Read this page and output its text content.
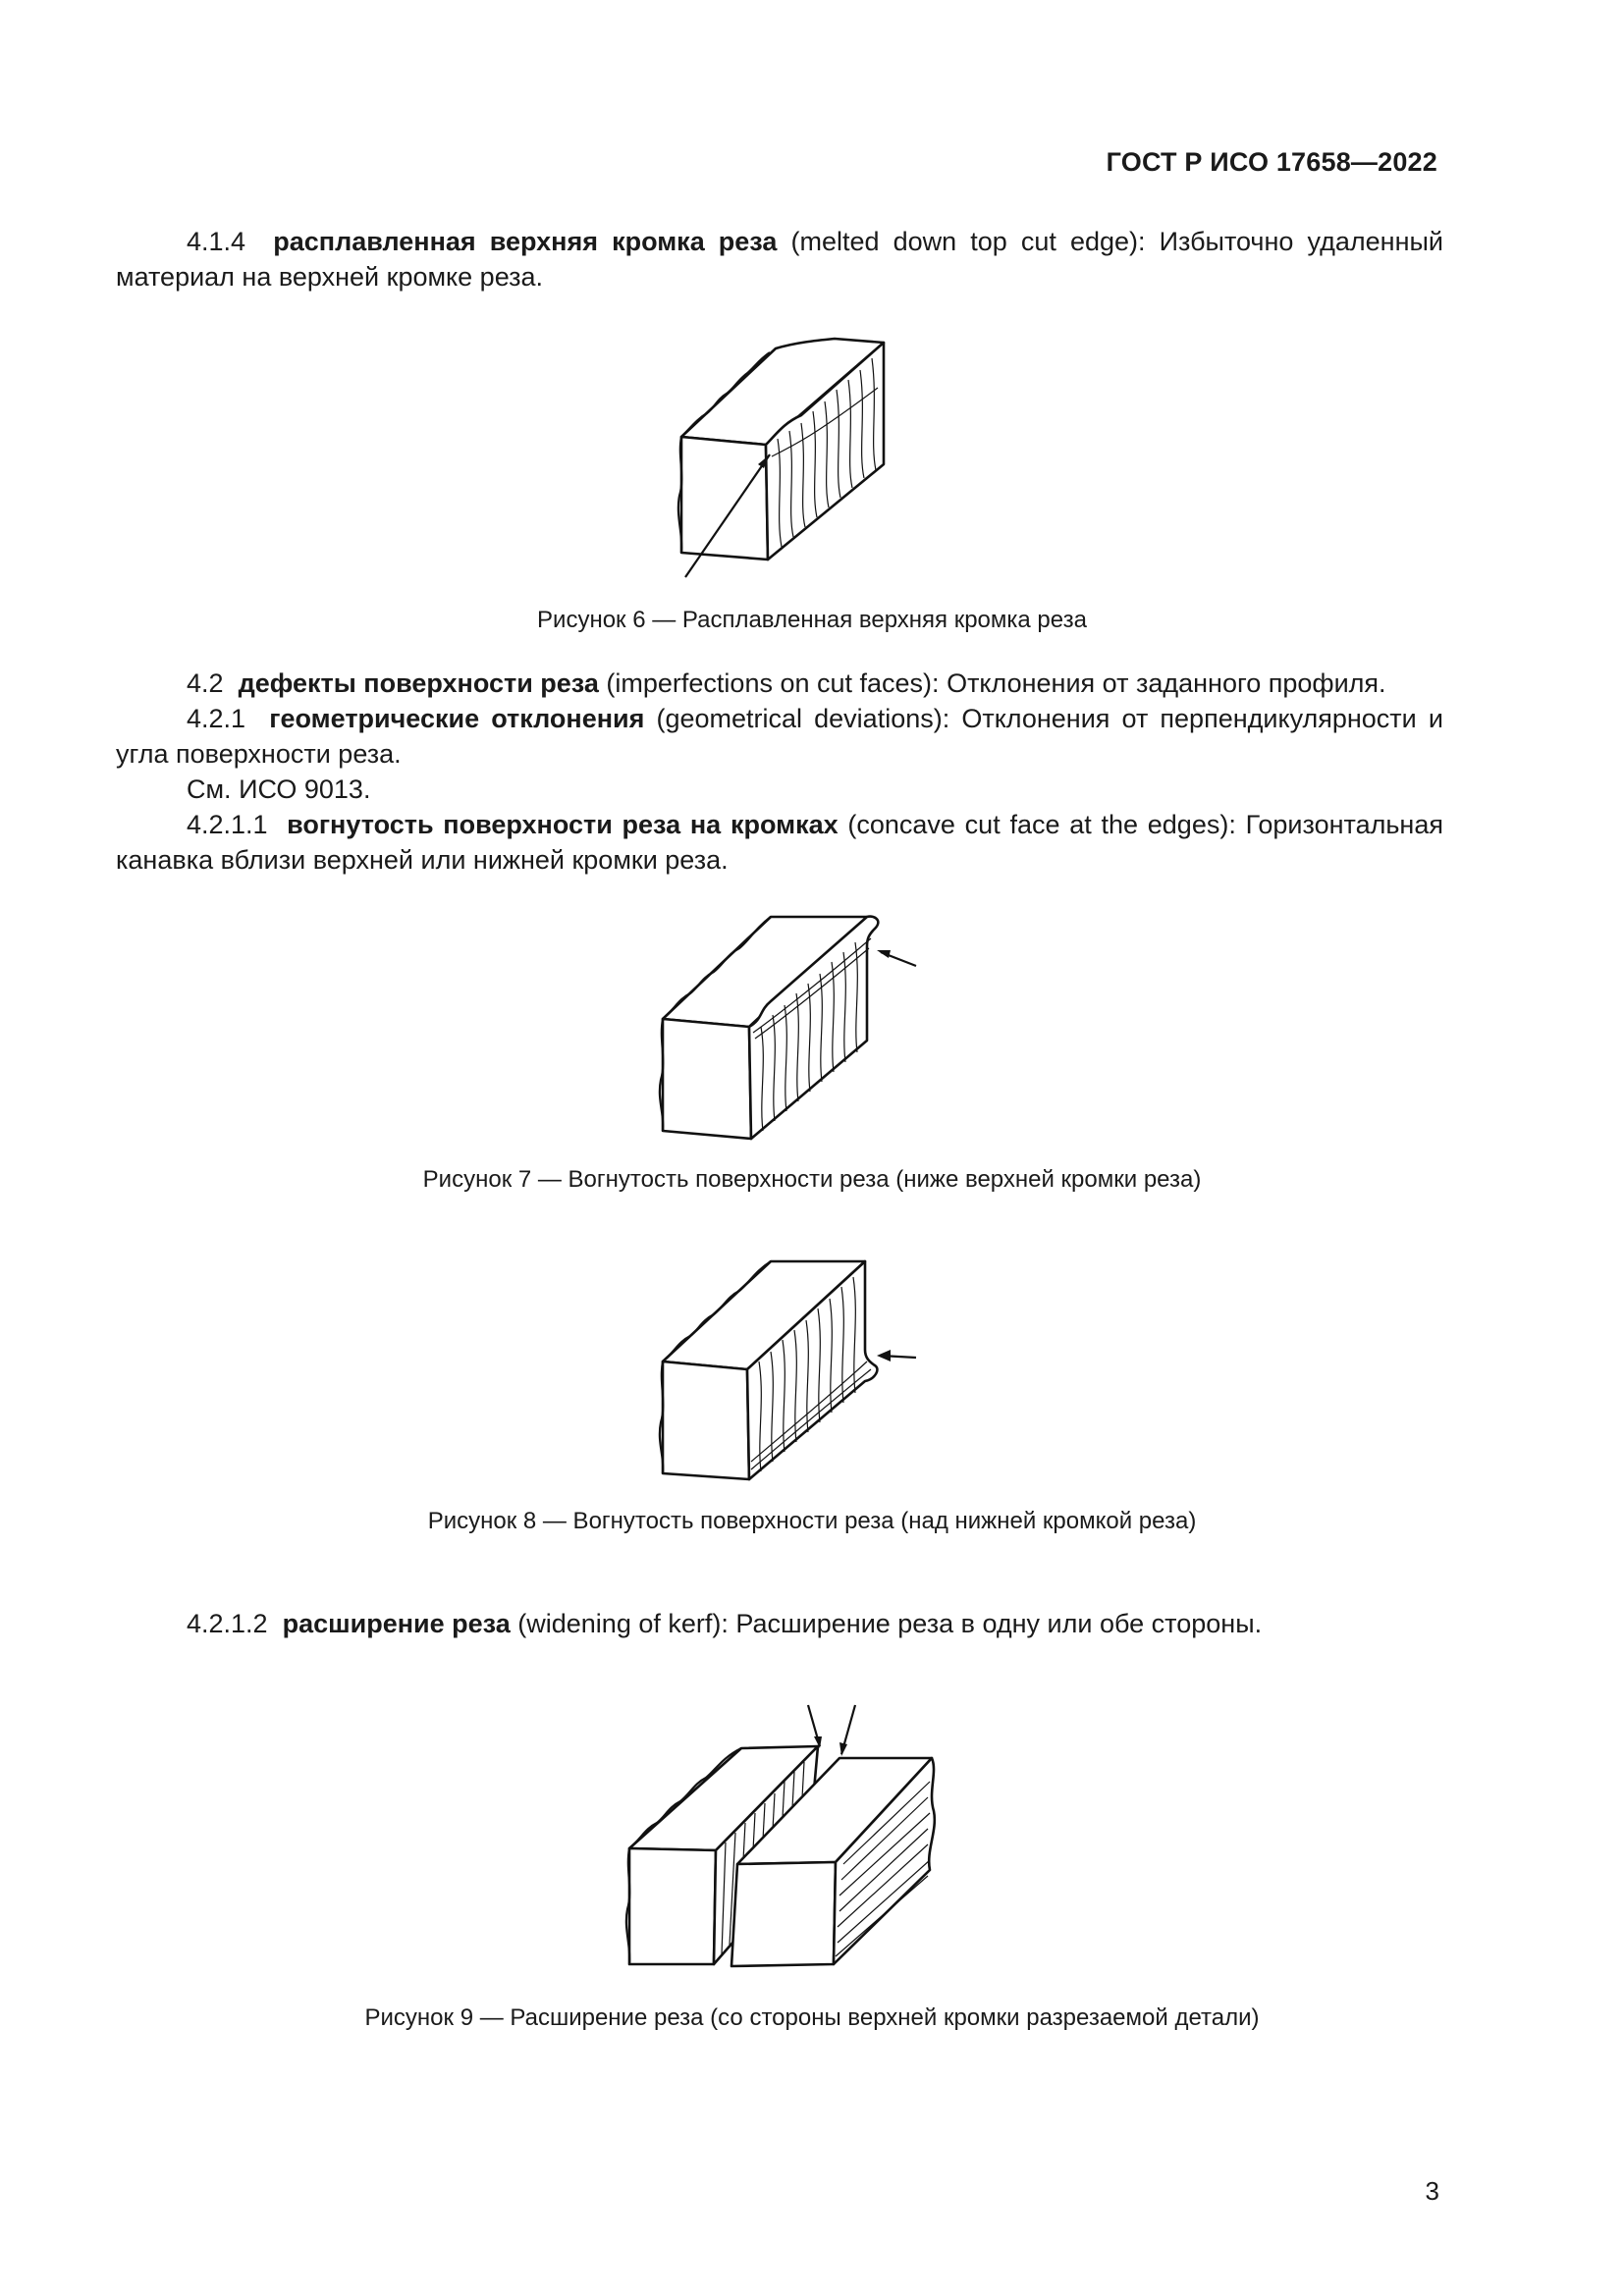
ГОСТ Р ИСО 17658—2022
4.1.4 расплавленная верхняя кромка реза (melted down top cut edge): Избыточно удаленный материал на верхней кромке реза.
Рисунок 6 — Расплавленная верхняя кромка реза
4.2 дефекты поверхности реза (imperfections on cut faces): Отклонения от заданного профиля.
4.2.1 геометрические отклонения (geometrical deviations): Отклонения от перпендикулярности и угла поверхности реза.
См. ИСО 9013.
4.2.1.1 вогнутость поверхности реза на кромках (concave cut face at the edges): Горизонтальная канавка вблизи верхней или нижней кромки реза.
Рисунок 7 — Вогнутость поверхности реза (ниже верхней кромки реза)
Рисунок 8 — Вогнутость поверхности реза (над нижней кромкой реза)
4.2.1.2 расширение реза (widening of kerf): Расширение реза в одну или обе стороны.
Рисунок 9 — Расширение реза (со стороны верхней кромки разрезаемой детали)
3
